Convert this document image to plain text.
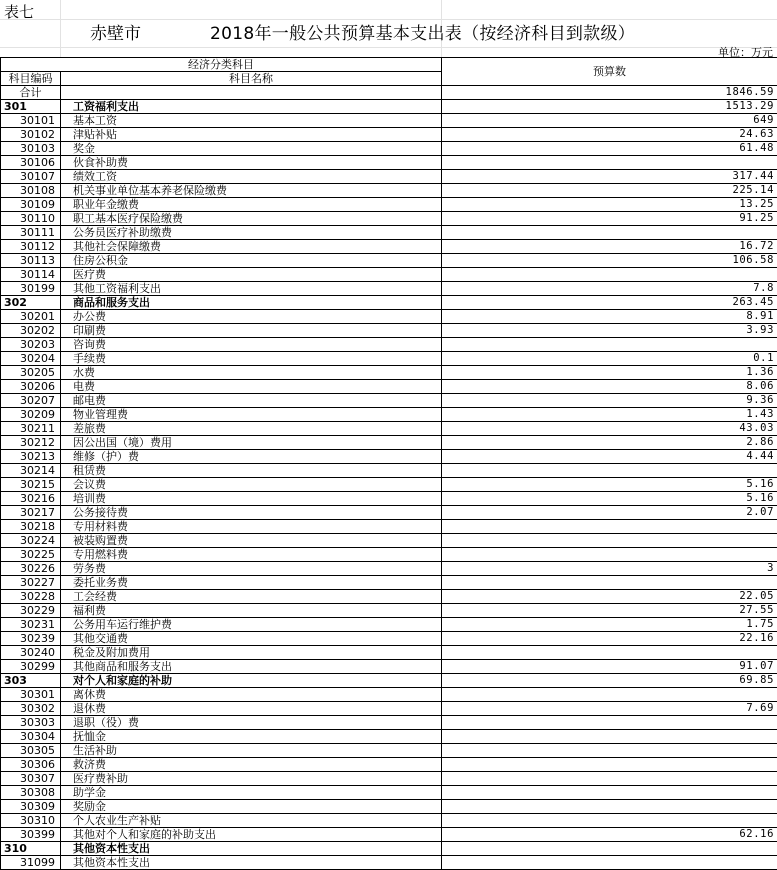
表七
赤壁市	2018年一般公共预算基本支出表（按经济科目到款级）
单位：万元
经济分类科目		预算数
科目编码	科目名称	
合计		1846.59
301	工资福利支出	1513.29
30101	基本工资	649
30102	津贴补贴	24.63
30103	奖金	61.48
30106	伙食补助费	
30107	绩效工资	317.44
30108	机关事业单位基本养老保险缴费	225.14
30109	职业年金缴费	13.25
30110	职工基本医疗保险缴费	91.25
30111	公务员医疗补助缴费	
30112	其他社会保障缴费	16.72
30113	住房公积金	106.58
30114	医疗费	
30199	其他工资福利支出	7.8
302	商品和服务支出	263.45
30201	办公费	8.91
30202	印刷费	3.93
30203	咨询费	
30204	手续费	0.1
30205	水费	1.36
30206	电费	8.06
30207	邮电费	9.36
30209	物业管理费	1.43
30211	差旅费	43.03
30212	因公出国（境）费用	2.86
30213	维修（护）费	4.44
30214	租赁费	
30215	会议费	5.16
30216	培训费	5.16
30217	公务接待费	2.07
30218	专用材料费	
30224	被装购置费	
30225	专用燃料费	
30226	劳务费	3
30227	委托业务费	
30228	工会经费	22.05
30229	福利费	27.55
30231	公务用车运行维护费	1.75
30239	其他交通费	22.16
30240	税金及附加费用	
30299	其他商品和服务支出	91.07
303	对个人和家庭的补助	69.85
30301	离休费	
30302	退休费	7.69
30303	退职（役）费	
30304	抚恤金	
30305	生活补助	
30306	救济费	
30307	医疗费补助	
30308	助学金	
30309	奖励金	
30310	个人农业生产补贴	
30399	其他对个人和家庭的补助支出	62.16
310	其他资本性支出	
31099	其他资本性支出	
